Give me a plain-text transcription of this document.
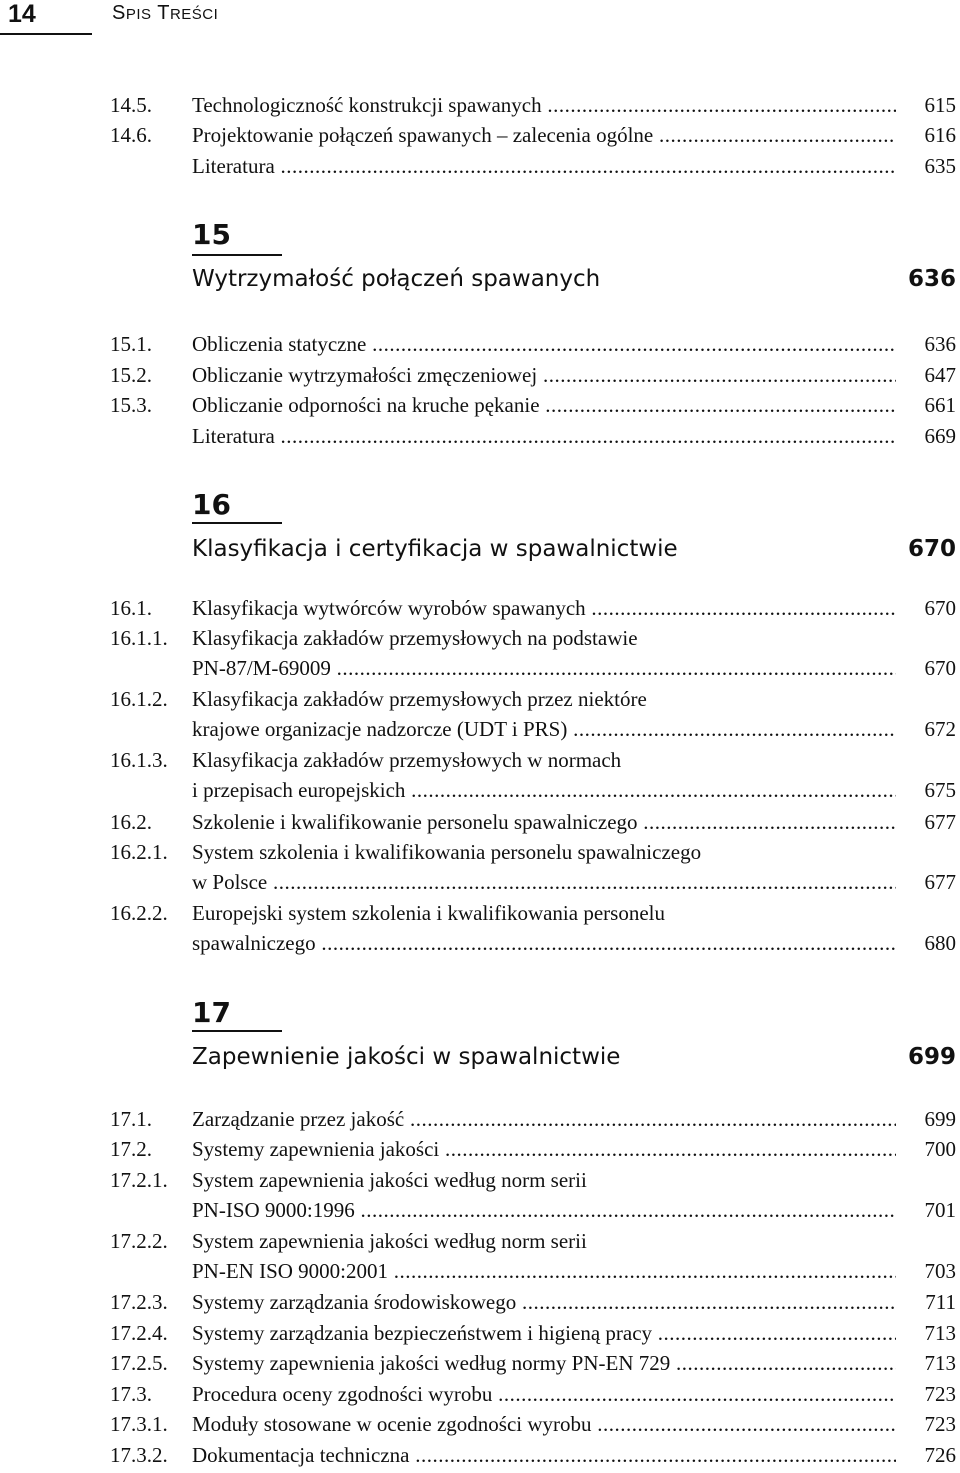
14	SPIS TREŚCI
14.5. Technologiczność konstrukcji spawanych .....	615
14.6. Projektowanie połączeń spawanych – zalecenia ogólne .....	616
Literatura .....	635
15
Wytrzymałość połączeń spawanych	636
15.1. Obliczenia statyczne .....	636
15.2. Obliczanie wytrzymałości zmęczeniowej .....	647
15.3. Obliczanie odporności na kruche pękanie .....	661
Literatura .....	669
16
Klasyfikacja i certyfikacja w spawalnictwie	670
16.1. Klasyfikacja wytwórców wyrobów spawanych .....	670
16.1.1. Klasyfikacja zakładów przemysłowych na podstawie
PN-87/M-69009 .....	670
16.1.2. Klasyfikacja zakładów przemysłowych przez niektóre
krajowe organizacje nadzorcze (UDT i PRS) .....	672
16.1.3. Klasyfikacja zakładów przemysłowych w normach
i przepisach europejskich .....	675
16.2. Szkolenie i kwalifikowanie personelu spawalniczego .....	677
16.2.1. System szkolenia i kwalifikowania personelu spawalniczego
w Polsce .....	677
16.2.2. Europejski system szkolenia i kwalifikowania personelu
spawalniczego .....	680
17
Zapewnienie jakości w spawalnictwie	699
17.1. Zarządzanie przez jakość .....	699
17.2. Systemy zapewnienia jakości .....	700
17.2.1. System zapewnienia jakości według norm serii
PN-ISO 9000:1996 .....	701
17.2.2. System zapewnienia jakości według norm serii
PN-EN ISO 9000:2001 .....	703
17.2.3. Systemy zarządzania środowiskowego .....	711
17.2.4. Systemy zarządzania bezpieczeństwem i higieną pracy .....	713
17.2.5. Systemy zapewnienia jakości według normy PN-EN 729 .....	713
17.3. Procedura oceny zgodności wyrobu .....	723
17.3.1. Moduły stosowane w ocenie zgodności wyrobu .....	723
17.3.2. Dokumentacja techniczna .....	726
